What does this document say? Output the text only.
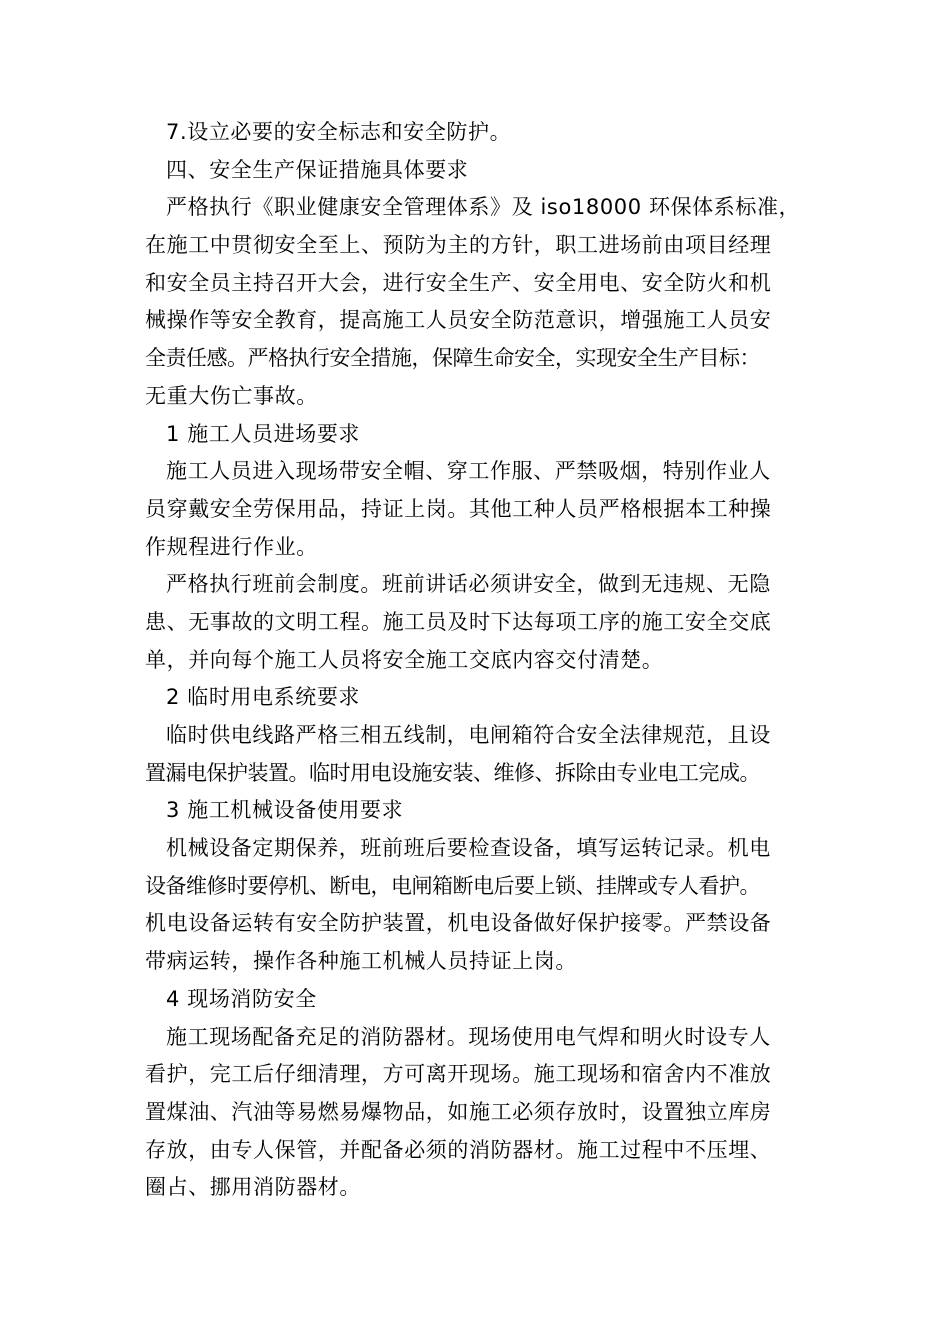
7.设立必要的安全标志和安全防护。
四、安全生产保证措施具体要求
严格执行《职业健康安全管理体系》及 iso18000 环保体系标准，
在施工中贯彻安全至上、预防为主的方针，职工进场前由项目经理
和安全员主持召开大会，进行安全生产、安全用电、安全防火和机
械操作等安全教育，提高施工人员安全防范意识，增强施工人员安
全责任感。严格执行安全措施，保障生命安全，实现安全生产目标：
无重大伤亡事故。
1 施工人员进场要求
施工人员进入现场带安全帽、穿工作服、严禁吸烟，特别作业人
员穿戴安全劳保用品，持证上岗。其他工种人员严格根据本工种操
作规程进行作业。
严格执行班前会制度。班前讲话必须讲安全，做到无违规、无隐
患、无事故的文明工程。施工员及时下达每项工序的施工安全交底
单，并向每个施工人员将安全施工交底内容交付清楚。
2 临时用电系统要求
临时供电线路严格三相五线制，电闸箱符合安全法律规范，且设
置漏电保护装置。临时用电设施安装、维修、拆除由专业电工完成。
3 施工机械设备使用要求
机械设备定期保养，班前班后要检查设备，填写运转记录。机电
设备维修时要停机、断电，电闸箱断电后要上锁、挂牌或专人看护。
机电设备运转有安全防护装置，机电设备做好保护接零。严禁设备
带病运转，操作各种施工机械人员持证上岗。
4 现场消防安全
施工现场配备充足的消防器材。现场使用电气焊和明火时设专人
看护，完工后仔细清理，方可离开现场。施工现场和宿舍内不准放
置煤油、汽油等易燃易爆物品，如施工必须存放时，设置独立库房
存放，由专人保管，并配备必须的消防器材。施工过程中不压埋、
圈占、挪用消防器材。
